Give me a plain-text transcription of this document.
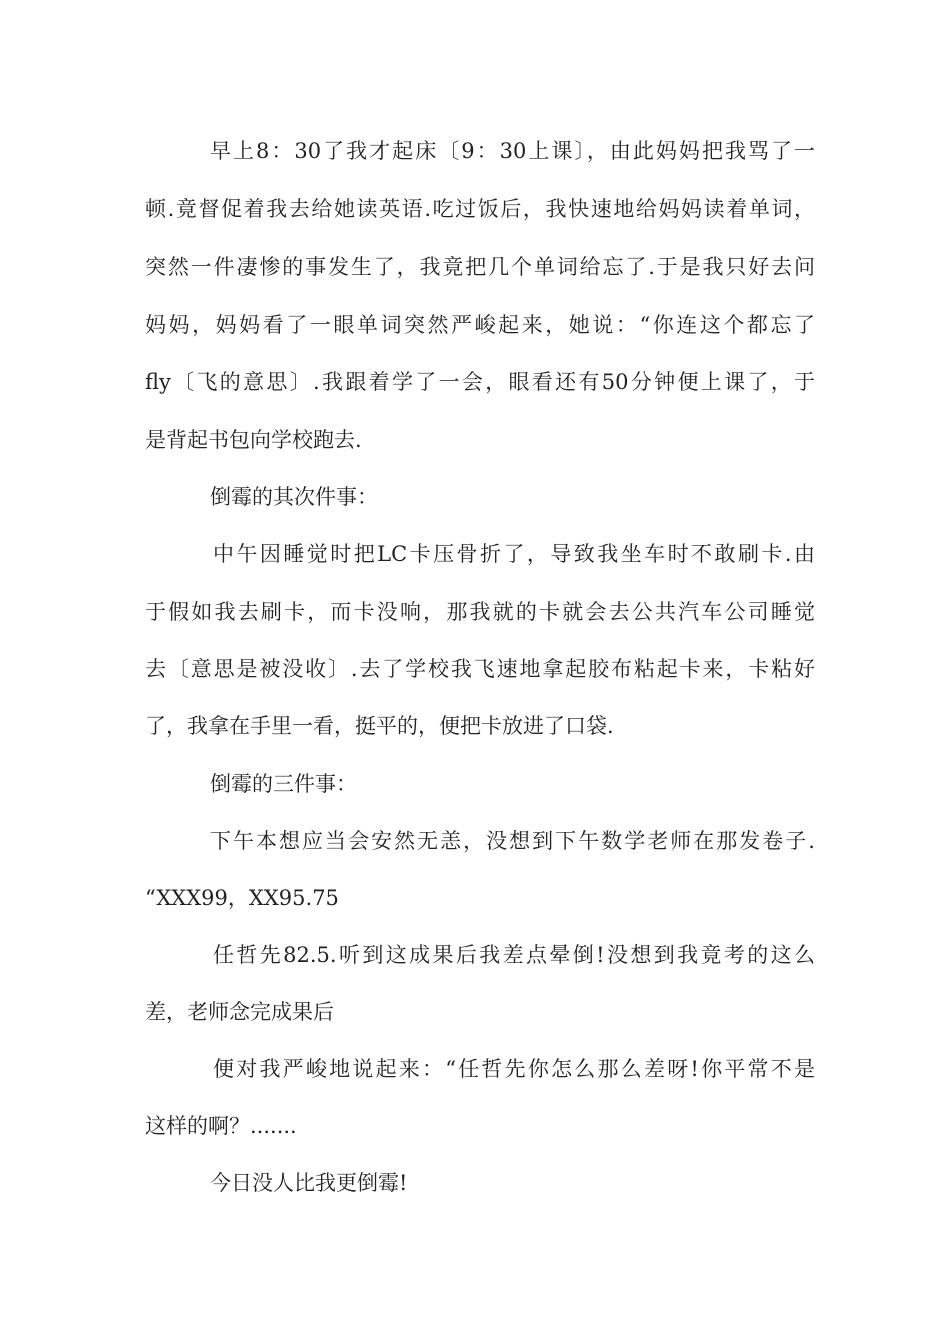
早上8：30了我才起床〔9：30上课〕，由此妈妈把我骂了一
顿.竟督促着我去给她读英语.吃过饭后，我快速地给妈妈读着单词，
突然一件凄惨的事发生了，我竟把几个单词给忘了.于是我只好去问
妈妈，妈妈看了一眼单词突然严峻起来，她说：“你连这个都忘了
fly〔飞的意思〕.我跟着学了一会，眼看还有50分钟便上课了，于
是背起书包向学校跑去.
倒霉的其次件事：
中午因睡觉时把LC卡压骨折了，导致我坐车时不敢刷卡.由
于假如我去刷卡，而卡没响，那我就的卡就会去公共汽车公司睡觉
去〔意思是被没收〕.去了学校我飞速地拿起胶布粘起卡来，卡粘好
了，我拿在手里一看，挺平的，便把卡放进了口袋.
倒霉的三件事：
下午本想应当会安然无恙，没想到下午数学老师在那发卷子.
“XXX99，XX95.75
任哲先82.5.听到这成果后我差点晕倒!没想到我竟考的这么
差，老师念完成果后
便对我严峻地说起来：“任哲先你怎么那么差呀!你平常不是
这样的啊？.......
今日没人比我更倒霉!
